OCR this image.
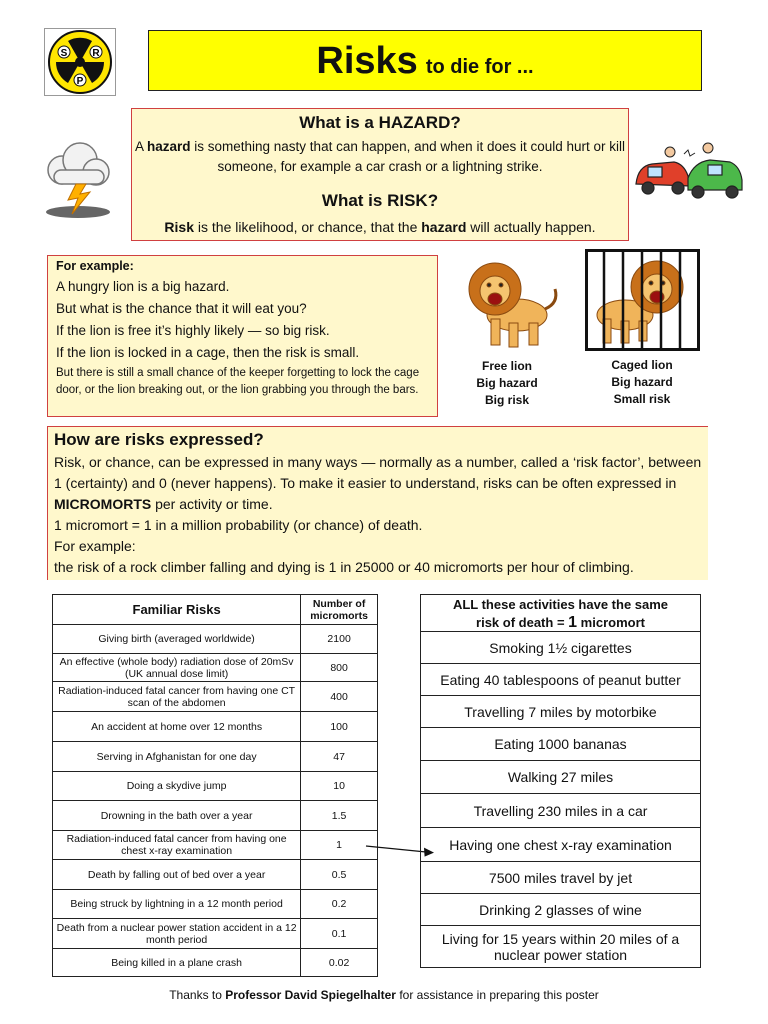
S	R
P	Risks to die for ...
What is a HAZARD?

A hazard is something nasty that can happen, and when it does it could hurt or kill someone, for example a car crash or a lightning strike.

What is RISK?

Risk is the likelihood, or chance, that the hazard will actually happen.

For example:
A hungry lion is a big hazard.
But what is the chance that it will eat you?
If the lion is free it’s highly likely — so big risk.
If the lion is locked in a cage, then the risk is small.
But there is still a small chance of the keeper forgetting to lock the cage door, or the lion breaking out, or the lion grabbing you through the bars.
Free lion
Big hazard
Big risk
Caged lion
Big hazard
Small risk
How are risks expressed?
Risk, or chance, can be expressed in many ways — normally as a number, called a ‘risk factor’, between 1 (certainty) and 0 (never happens). To make it easier to understand, risks can be often expressed in MICROMORTS per activity or time.
1 micromort = 1 in a million probability (or chance) of death.
For example:
the risk of a rock climber falling and dying is 1 in 25000 or 40 micromorts per hour of climbing.
Familiar Risks	Number of micromorts
Giving birth (averaged worldwide)	2100
An effective (whole body) radiation dose of 20mSv (UK annual dose limit)	800
Radiation-induced fatal cancer from having one CT scan of the abdomen	400
An accident at home over 12 months	100
Serving in Afghanistan for one day	47
Doing a skydive jump	10
Drowning in the bath over a year	1.5
Radiation-induced fatal cancer from having one chest x-ray examination	1
Death by falling out of bed over a year	0.5
Being struck by lightning in a 12 month period	0.2
Death from a nuclear power station accident in a 12 month period	0.1
Being killed in a plane crash	0.02
ALL these activities have the same
risk of death = 1 micromort
Smoking 1½ cigarettes
Eating 40 tablespoons of peanut butter
Travelling 7 miles by motorbike
Eating 1000 bananas
Walking 27 miles
Travelling 230 miles in a car
Having one chest x-ray examination
7500 miles travel by jet
Drinking 2 glasses of wine
Living for 15 years within 20 miles of a nuclear power station
Thanks to Professor David Spiegelhalter for assistance in preparing this poster
